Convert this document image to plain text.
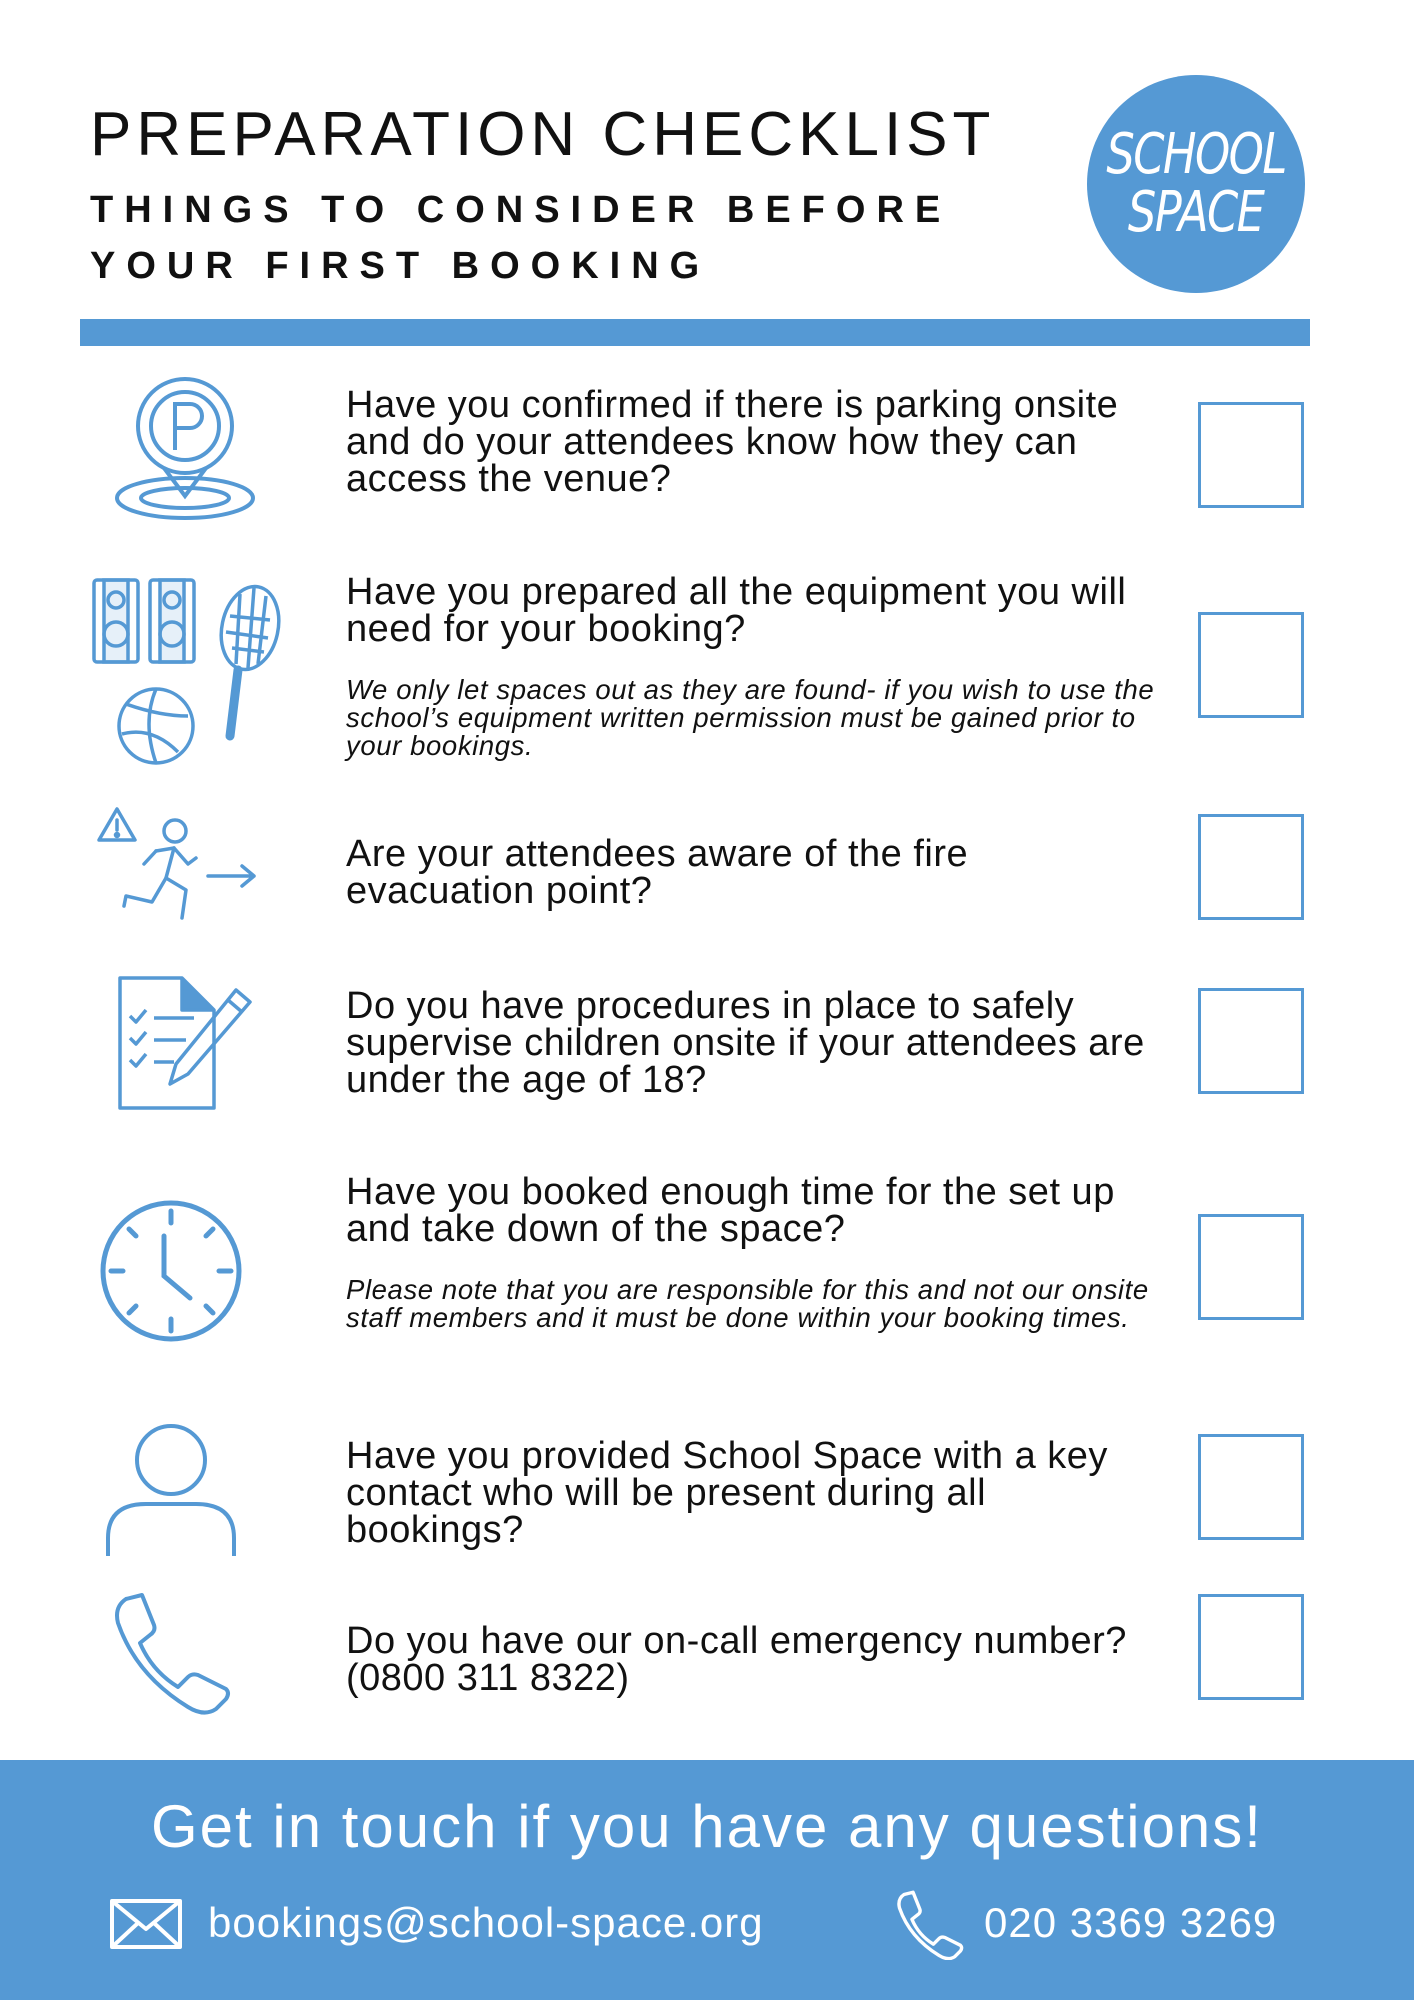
PREPARATION CHECKLIST
THINGS TO CONSIDER BEFORE
YOUR FIRST BOOKING
SCHOOL
SPACE
Have you confirmed if there is parking onsite and do your attendees know how they can access the venue?
Have you prepared all the equipment you will need for your booking?
We only let spaces out as they are found- if you wish to use the school’s equipment written permission must be gained prior to your bookings.
Are your attendees aware of the fire evacuation point?
Do you have procedures in place to safely supervise children onsite if your attendees are under the age of 18?
Have you booked enough time for the set up and take down of the space?
Please note that you are responsible for this and not our onsite staff members and it must be done within your booking times.
Have you provided School Space with a key contact who will be present during all bookings?
Do you have our on-call emergency number? (0800 311 8322)
Get in touch if you have any questions!
bookings@school-space.org	020 3369 3269
